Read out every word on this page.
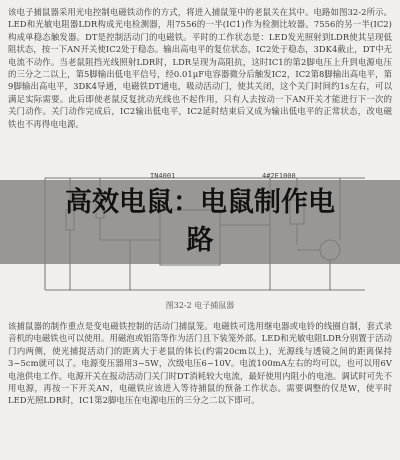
该电子捕鼠器采用光电控制电磁铁动作的方式，将进入捕鼠笼中的老鼠关在其中。电路如图32-2所示。LED和光敏电阻器LDR构成光电检测器，用7556的一半(IC1)作为检测比较器。7556的另一半(IC2)构成单稳态触发器。DT是控制活动门的电磁铁。平时的工作状态是：LED发光照射到LDR使其呈现低阻状态，按一下AN开关使IC2处于稳态。输出高电平的复位状态，IC2处于稳态，3DK4截止，DT中无电流不动作。当老鼠阻挡光线照射LDR时，LDR呈现为高阻抗，这时IC1的第2脚电压上升到电源电压的三分之二以上，第5脚输出低电平信号，经0.01μF电容器微分后触发IC2，IC2第8脚输出高电平，第9脚输出高电平，3DK4导通，电磁铁DT通电，吸动活动门，使其关闭，这个关门时间约1s左右，可以满足实际需要。此后即使老鼠反复扰动光线也不起作用，只有人去按动一下AN开关才能进行下一次的关门动作。关门动作完成后，IC2输出低电平，IC2延时结束后又成为输出低电平的正常状态，改电磁铁也不再得电电源。
IN4001	4#2E1000
图32-2 电子捕鼠器
该捕鼠器的制作重点是变电磁铁控制的活动门捕鼠笼。电磁铁可选用继电器或电铃的线圈自制，套式录音机的电磁铁也可以使用。用磁泡或铝箔等作为活门且下装笼外部。LED和光敏电阻LDR分别置于活动门内两侧，使光捕捉活动门的距离大于老鼠的体长(约需20cm以上)，光源线与透镜之间的距离保持3~5cm就可以了。电源变压器用3~5W，次级电压6~10V。电流100mA左右的均可以，也可以用6V电池供电工作。电源开关在报动活动门关门时DT消耗较大电流，最好使用内阻小的电池。调试时可先不用电源，再按一下开关AN，电磁铁应该进入等待捕鼠的预备工作状态。需要调整的仅是W，使平时LED光照LDR时，IC1第2脚电压在电源电压的三分之二以下即可。
高效电鼠：电鼠制作电
路
